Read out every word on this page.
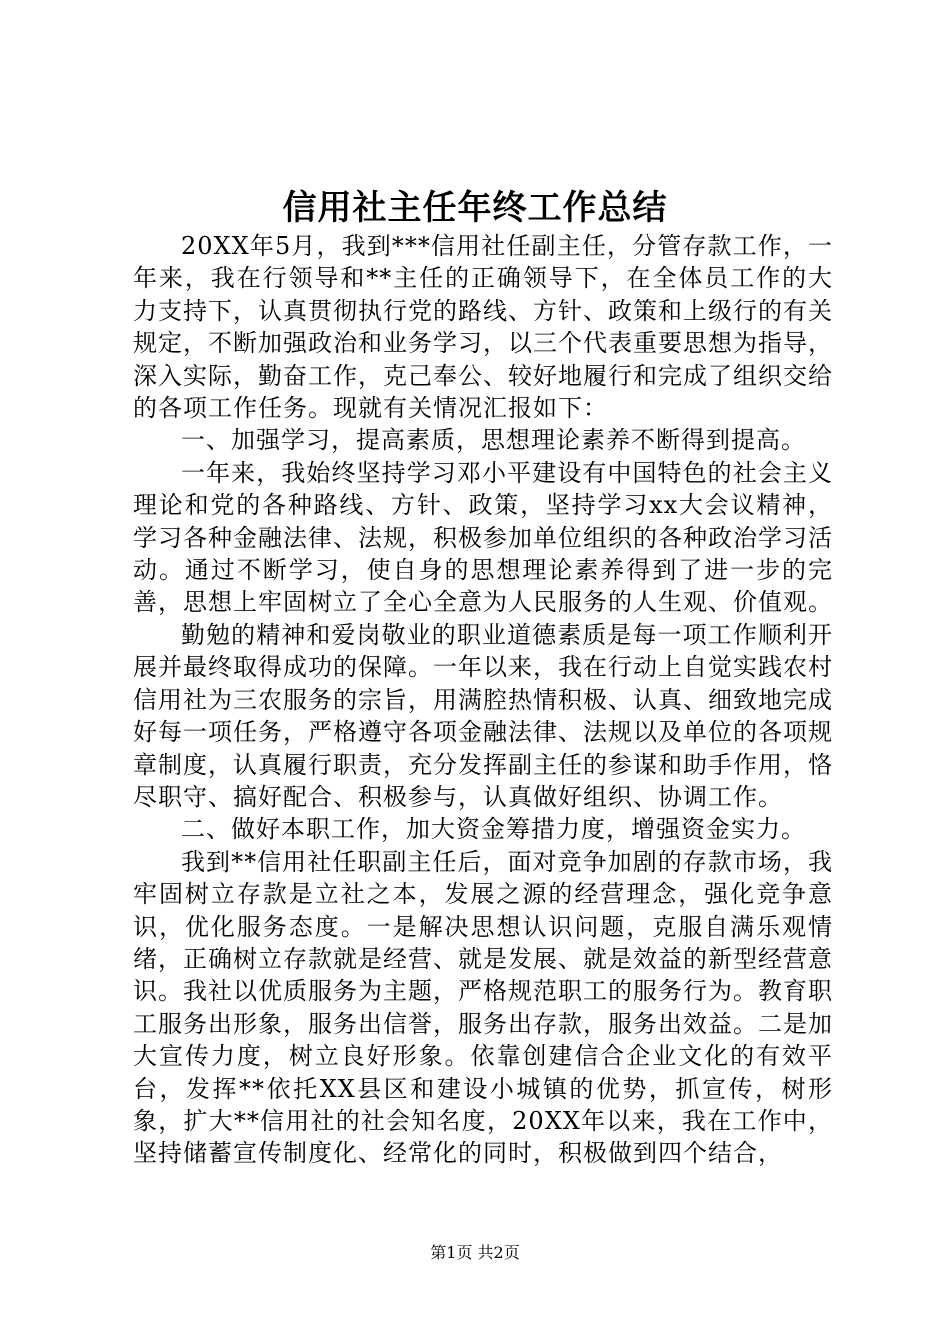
信用社主任年终工作总结

20XX年5月，我到***信用社任副主任，分管存款工作，一年来，我在行领导和**主任的正确领导下，在全体员工作的大力支持下，认真贯彻执行党的路线、方针、政策和上级行的有关规定，不断加强政治和业务学习，以三个代表重要思想为指导，深入实际，勤奋工作，克己奉公、较好地履行和完成了组织交给的各项工作任务。现就有关情况汇报如下：

一、加强学习，提高素质，思想理论素养不断得到提高。

一年来，我始终坚持学习邓小平建设有中国特色的社会主义理论和党的各种路线、方针、政策，坚持学习xx大会议精神，学习各种金融法律、法规，积极参加单位组织的各种政治学习活动。通过不断学习，使自身的思想理论素养得到了进一步的完善，思想上牢固树立了全心全意为人民服务的人生观、价值观。

勤勉的精神和爱岗敬业的职业道德素质是每一项工作顺利开展并最终取得成功的保障。一年以来，我在行动上自觉实践农村信用社为三农服务的宗旨，用满腔热情积极、认真、细致地完成好每一项任务，严格遵守各项金融法律、法规以及单位的各项规章制度，认真履行职责，充分发挥副主任的参谋和助手作用，恪尽职守、搞好配合、积极参与，认真做好组织、协调工作。

二、做好本职工作，加大资金筹措力度，增强资金实力。

我到**信用社任职副主任后，面对竞争加剧的存款市场，我牢固树立存款是立社之本，发展之源的经营理念，强化竞争意识，优化服务态度。一是解决思想认识问题，克服自满乐观情绪，正确树立存款就是经营、就是发展、就是效益的新型经营意识。我社以优质服务为主题，严格规范职工的服务行为。教育职工服务出形象，服务出信誉，服务出存款，服务出效益。二是加大宣传力度，树立良好形象。依靠创建信合企业文化的有效平台，发挥**依托XX县区和建设小城镇的优势，抓宣传，树形象，扩大**信用社的社会知名度，20XX年以来，我在工作中，坚持储蓄宣传制度化、经常化的同时，积极做到四个结合，

第1页 共2页
